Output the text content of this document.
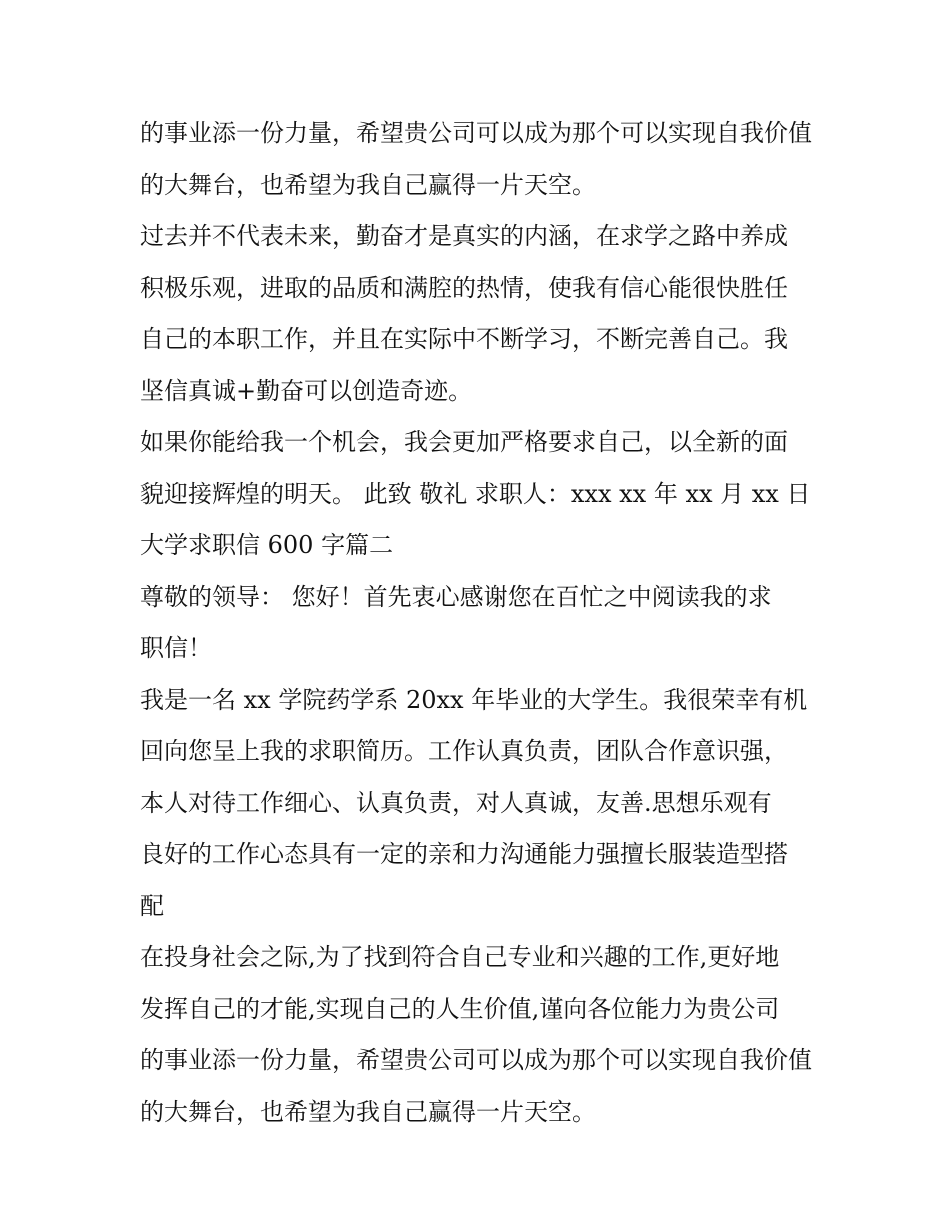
的事业添一份力量，希望贵公司可以成为那个可以实现自我价值
的大舞台，也希望为我自己赢得一片天空。
过去并不代表未来，勤奋才是真实的内涵，在求学之路中养成
积极乐观，进取的品质和满腔的热情，使我有信心能很快胜任
自己的本职工作，并且在实际中不断学习，不断完善自己。我
坚信真诚+勤奋可以创造奇迹。
如果你能给我一个机会，我会更加严格要求自己，以全新的面
貌迎接辉煌的明天。 此致 敬礼 求职人：xxx xx 年 xx 月 xx 日
大学求职信 600 字篇二
尊敬的领导： 您好！首先衷心感谢您在百忙之中阅读我的求
职信！
我是一名 xx 学院药学系 20xx 年毕业的大学生。我很荣幸有机
回向您呈上我的求职简历。工作认真负责，团队合作意识强，
本人对待工作细心、认真负责，对人真诚，友善.思想乐观有
良好的工作心态具有一定的亲和力沟通能力强擅长服装造型搭
配
在投身社会之际,为了找到符合自己专业和兴趣的工作,更好地
发挥自己的才能,实现自己的人生价值,谨向各位能力为贵公司
的事业添一份力量，希望贵公司可以成为那个可以实现自我价值
的大舞台，也希望为我自己赢得一片天空。
